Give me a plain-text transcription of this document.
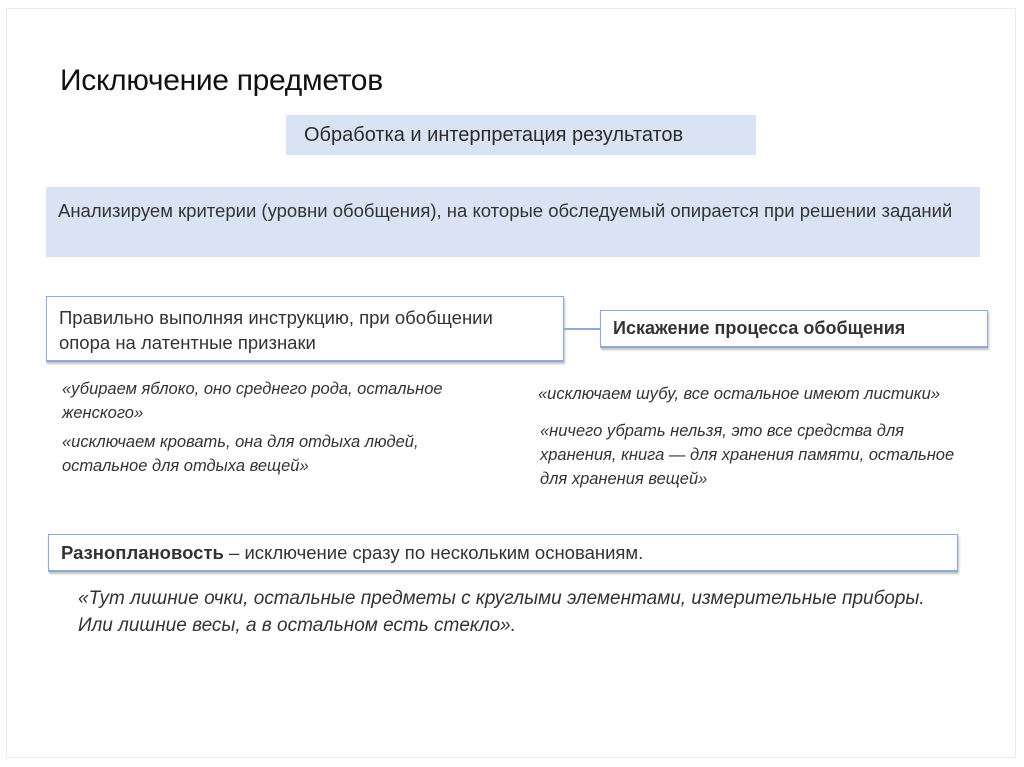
Исключение предметов
Обработка и интерпретация результатов
Анализируем критерии (уровни обобщения), на которые обследуемый опирается при решении заданий
Правильно выполняя инструкцию, при обобщении опора на латентные признаки
Искажение процесса обобщения
«убираем яблоко, оно среднего рода, остальное женского»
«исключаем кровать, она для отдыха людей, остальное для отдыха вещей»
«исключаем шубу, все остальное имеют листики»
«ничего убрать нельзя, это все средства для хранения, книга — для хранения памяти, остальное для хранения вещей»
Разноплановость – исключение сразу по нескольким основаниям.
«Тут лишние очки, остальные предметы с круглыми элементами, измерительные приборы. Или лишние весы, а в остальном есть стекло».
